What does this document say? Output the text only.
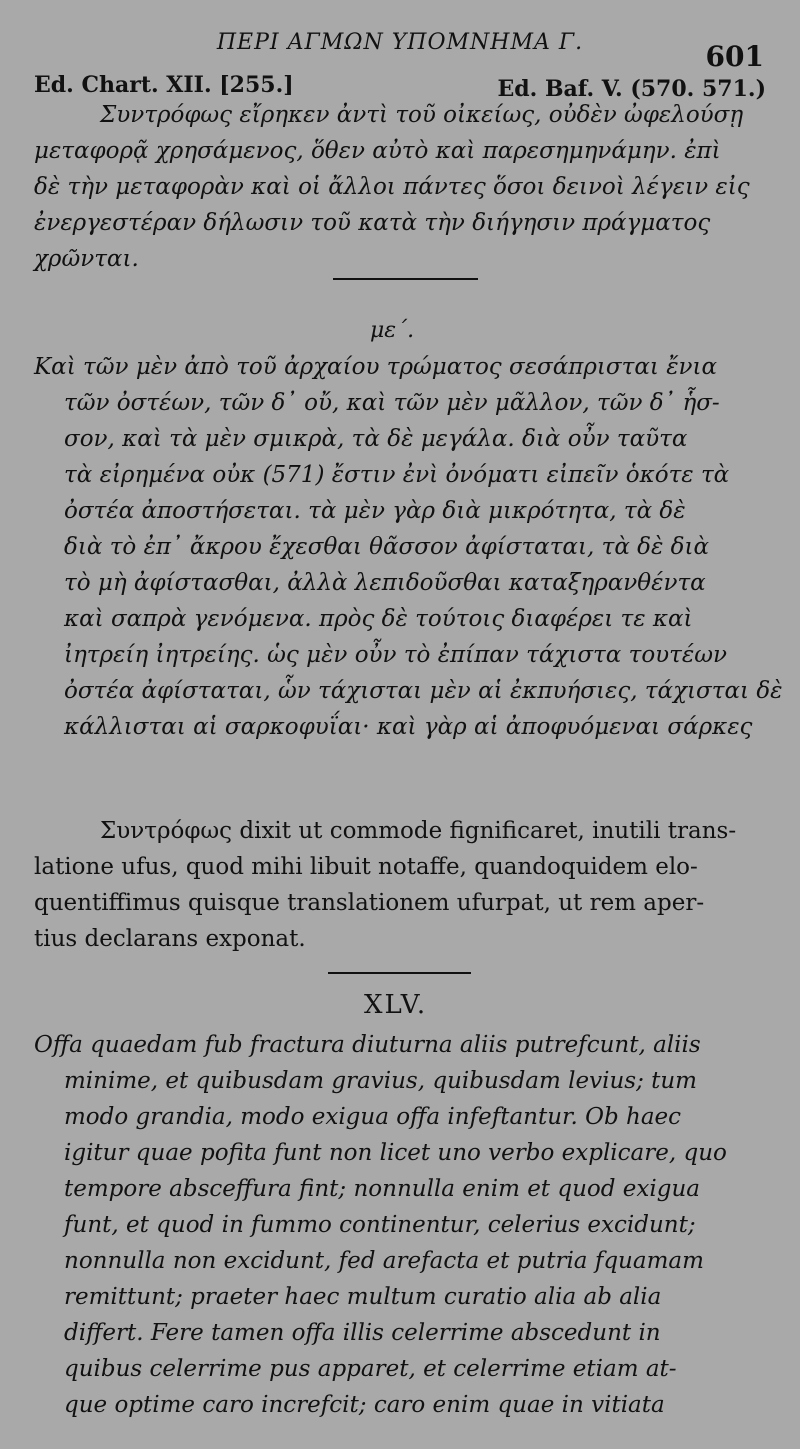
ΠΕΡΙ ΑΓΜΩΝ ΥΠΟΜΝΗΜΑ Γ.	601
Ed. Chart. XII. [255.]	Ed. Baf. V. (570. 571.)
Συντρόφως εἴρηκεν ἀντὶ τοῦ οἰκείως, οὐδὲν ὠφελούσῃ
μεταφορᾷ χρησάμενος, ὅθεν αὐτὸ καὶ παρεσημηνάμην. ἐπὶ
δὲ τὴν μεταφορὰν καὶ οἱ ἄλλοι πάντες ὅσοι δεινοὶ λέγειν εἰς
ἐνεργεστέραν δήλωσιν τοῦ κατὰ τὴν διήγησιν πράγματος
χρῶνται.
με΄.
Καὶ τῶν μὲν ἀπὸ τοῦ ἀρχαίου τρώματος σεσάπρισται ἔνια
τῶν ὀστέων, τῶν δ᾽ οὔ, καὶ τῶν μὲν μᾶλλον, τῶν δ᾽ ἧσ-
σον, καὶ τὰ μὲν σμικρὰ, τὰ δὲ μεγάλα. διὰ οὖν ταῦτα
τὰ εἰρημένα οὐκ (571) ἔστιν ἐνὶ ὀνόματι εἰπεῖν ὁκότε τὰ
ὀστέα ἀποστήσεται. τὰ μὲν γὰρ διὰ μικρότητα, τὰ δὲ
διὰ τὸ ἐπ᾽ ἄκρου ἔχεσθαι θᾶσσον ἀφίσταται, τὰ δὲ διὰ
τὸ μὴ ἀφίστασθαι, ἀλλὰ λεπιδοῦσθαι καταξηρανθέντα
καὶ σαπρὰ γενόμενα. πρὸς δὲ τούτοις διαφέρει τε καὶ
ἰητρείη ἰητρείης. ὡς μὲν οὖν τὸ ἐπίπαν τάχιστα τουτέων
ὀστέα ἀφίσταται, ὧν τάχισται μὲν αἱ ἐκπυήσιες, τάχισται δὲ
κάλλισται αἱ σαρκοφυΐαι· καὶ γὰρ αἱ ἀποφυόμεναι σάρκες
Συντρόφως dixit ut commode fignificaret, inutili trans-
latione ufus, quod mihi libuit notaffe, quandoquidem elo-
quentiffimus quisque translationem ufurpat, ut rem aper-
tius declarans exponat.
XLV.
Offa quaedam fub fractura diuturna aliis putrefcunt, aliis
minime, et quibusdam gravius, quibusdam levius; tum
modo grandia, modo exigua offa infeftantur. Ob haec
igitur quae pofita funt non licet uno verbo explicare, quo
tempore absceffura fint; nonnulla enim et quod exigua
funt, et quod in fummo continentur, celerius excidunt;
nonnulla non excidunt, fed arefacta et putria fquamam
remittunt; praeter haec multum curatio alia ab alia
differt. Fere tamen offa illis celerrime abscedunt in
quibus celerrime pus apparet, et celerrime etiam at-
que optime caro increfcit; caro enim quae in vitiata
